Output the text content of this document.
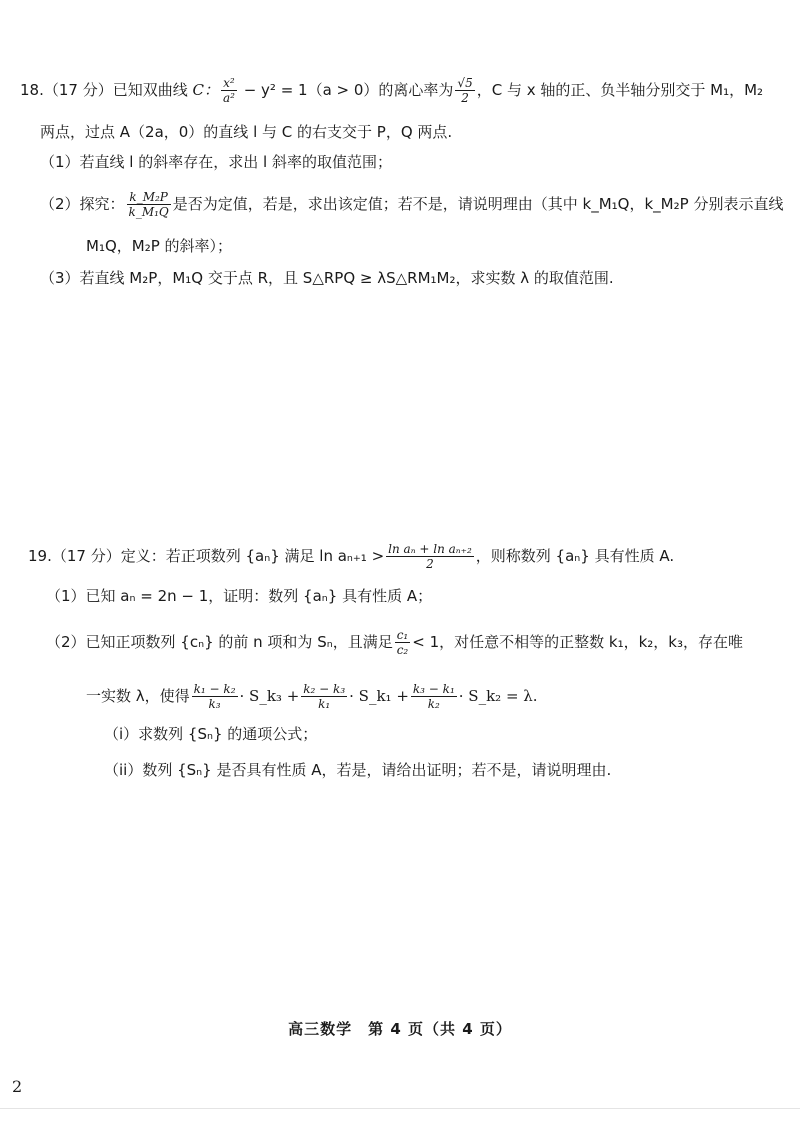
18.（17 分）已知双曲线 C： $\frac{\text{x²}}{\text{a²}} - y^2 = 1(a > 0)$的离心率为 $\frac{√5}{2}$ ，C 与 x 轴的正、负半轴分别交于 M₁，M₂
两点，过点 A（2a，0）的直线 l 与 C 的右支交于 P，Q 两点.
（1）若直线 l 的斜率存在，求出 l 斜率的取值范围；
（2）探究： $\frac{\text{k\_M₂P}}{\text{k\_M₁Q}}$ 是否为定值，若是，求出该定值；若不是，请说明理由（其中 k_M₁Q，k_M₂P 分别表示直线
M₁Q，M₂P 的斜率）；
（3）若直线 M₂P，M₁Q 交于点 R，且 S△RPQ ≥ λS△RM₁M₂，求实数 λ 的取值范围.
19.（17 分）定义：若正项数列 {aₙ} 满足 $\ln a_{n+1} > \frac{\text{ln aₙ + ln aₙ₊₂}}{2}$ ，则称数列 {aₙ} 具有性质 A.
（1）已知 aₙ = 2n − 1，证明：数列 {aₙ} 具有性质 A；
（2）已知正项数列 {cₙ} 的前 n 项和为 Sₙ，且满足 $\frac{\text{c₁}}{\text{c₂}} < 1$，对任意不相等的正整数 k₁，k₂，k₃，存在唯
一实数 λ，使得 $\frac{\text{k₁ − k₂}}{\text{k₃}}$ · S_k₃ + $\frac{\text{k₂ − k₃}}{\text{k₁}}$ · S_k₁ + $\frac{\text{k₃ − k₁}}{\text{k₂}}$ · S_k₂ = λ.
（i）求数列 {Sₙ} 的通项公式；
（ii）数列 {Sₙ} 是否具有性质 A，若是，请给出证明；若不是，请说明理由.
高三数学　第 4 页（共 4 页）
2
